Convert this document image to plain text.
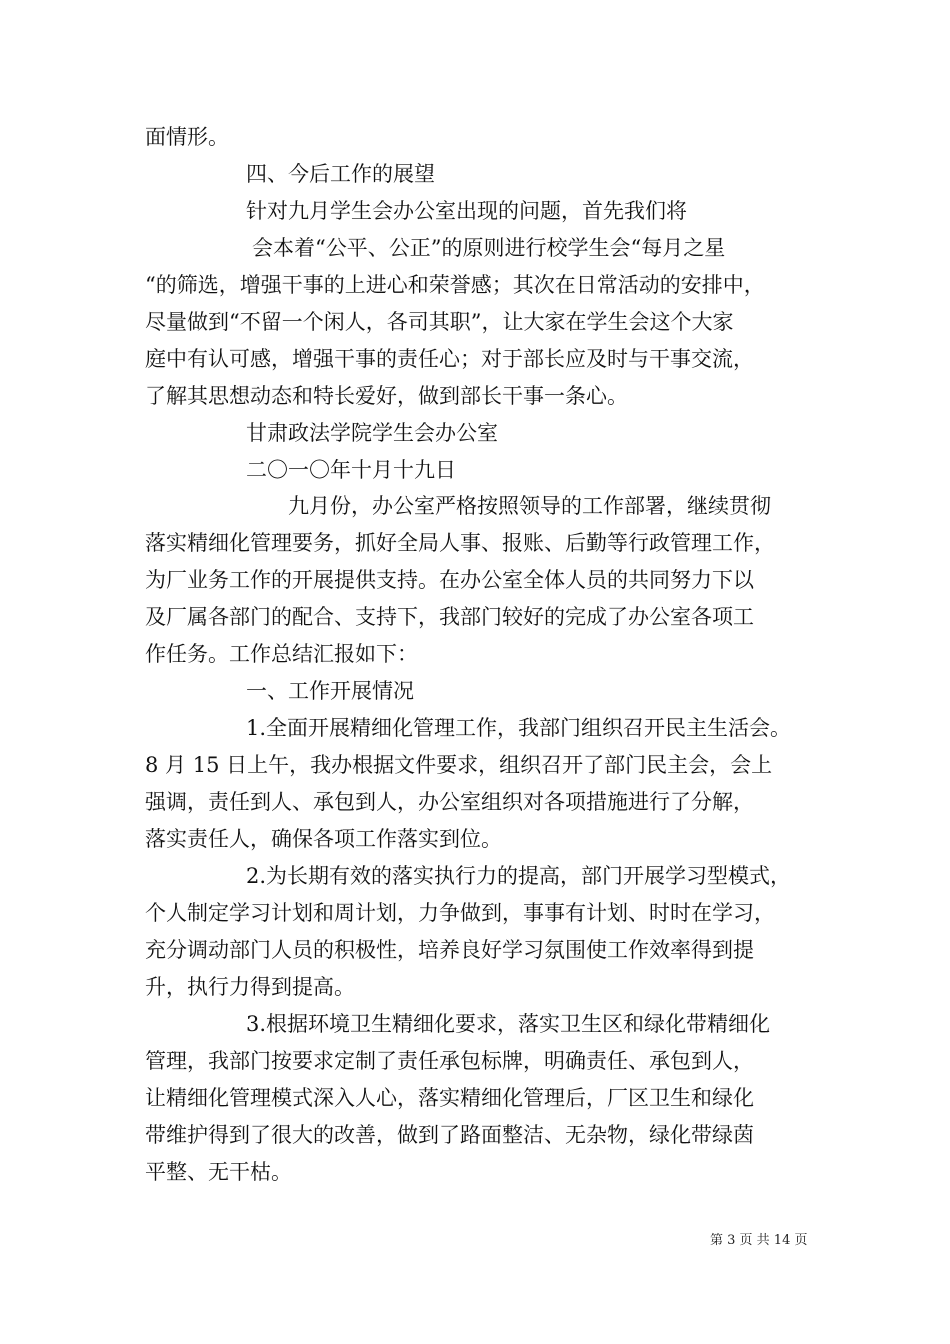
面情形。

四、今后工作的展望

针对九月学生会办公室出现的问题，首先我们将

会本着“公平、公正”的原则进行校学生会“每月之星

“的筛选，增强干事的上进心和荣誉感；其次在日常活动的安排中，

尽量做到“不留一个闲人，各司其职”，让大家在学生会这个大家

庭中有认可感，增强干事的责任心；对于部长应及时与干事交流，

了解其思想动态和特长爱好，做到部长干事一条心。

甘肃政法学院学生会办公室

二〇一〇年十月十九日

九月份，办公室严格按照领导的工作部署，继续贯彻

落实精细化管理要务，抓好全局人事、报账、后勤等行政管理工作，

为厂业务工作的开展提供支持。在办公室全体人员的共同努力下以

及厂属各部门的配合、支持下，我部门较好的完成了办公室各项工

作任务。工作总结汇报如下：

一、工作开展情况

1.全面开展精细化管理工作，我部门组织召开民主生活会。

8 月 15 日上午，我办根据文件要求，组织召开了部门民主会，会上

强调，责任到人、承包到人，办公室组织对各项措施进行了分解，

落实责任人，确保各项工作落实到位。

2.为长期有效的落实执行力的提高，部门开展学习型模式，

个人制定学习计划和周计划，力争做到，事事有计划、时时在学习，

充分调动部门人员的积极性，培养良好学习氛围使工作效率得到提

升，执行力得到提高。

3.根据环境卫生精细化要求，落实卫生区和绿化带精细化

管理，我部门按要求定制了责任承包标牌，明确责任、承包到人，

让精细化管理模式深入人心，落实精细化管理后，厂区卫生和绿化

带维护得到了很大的改善，做到了路面整洁、无杂物，绿化带绿茵

平整、无干枯。

第 3 页 共 14 页
